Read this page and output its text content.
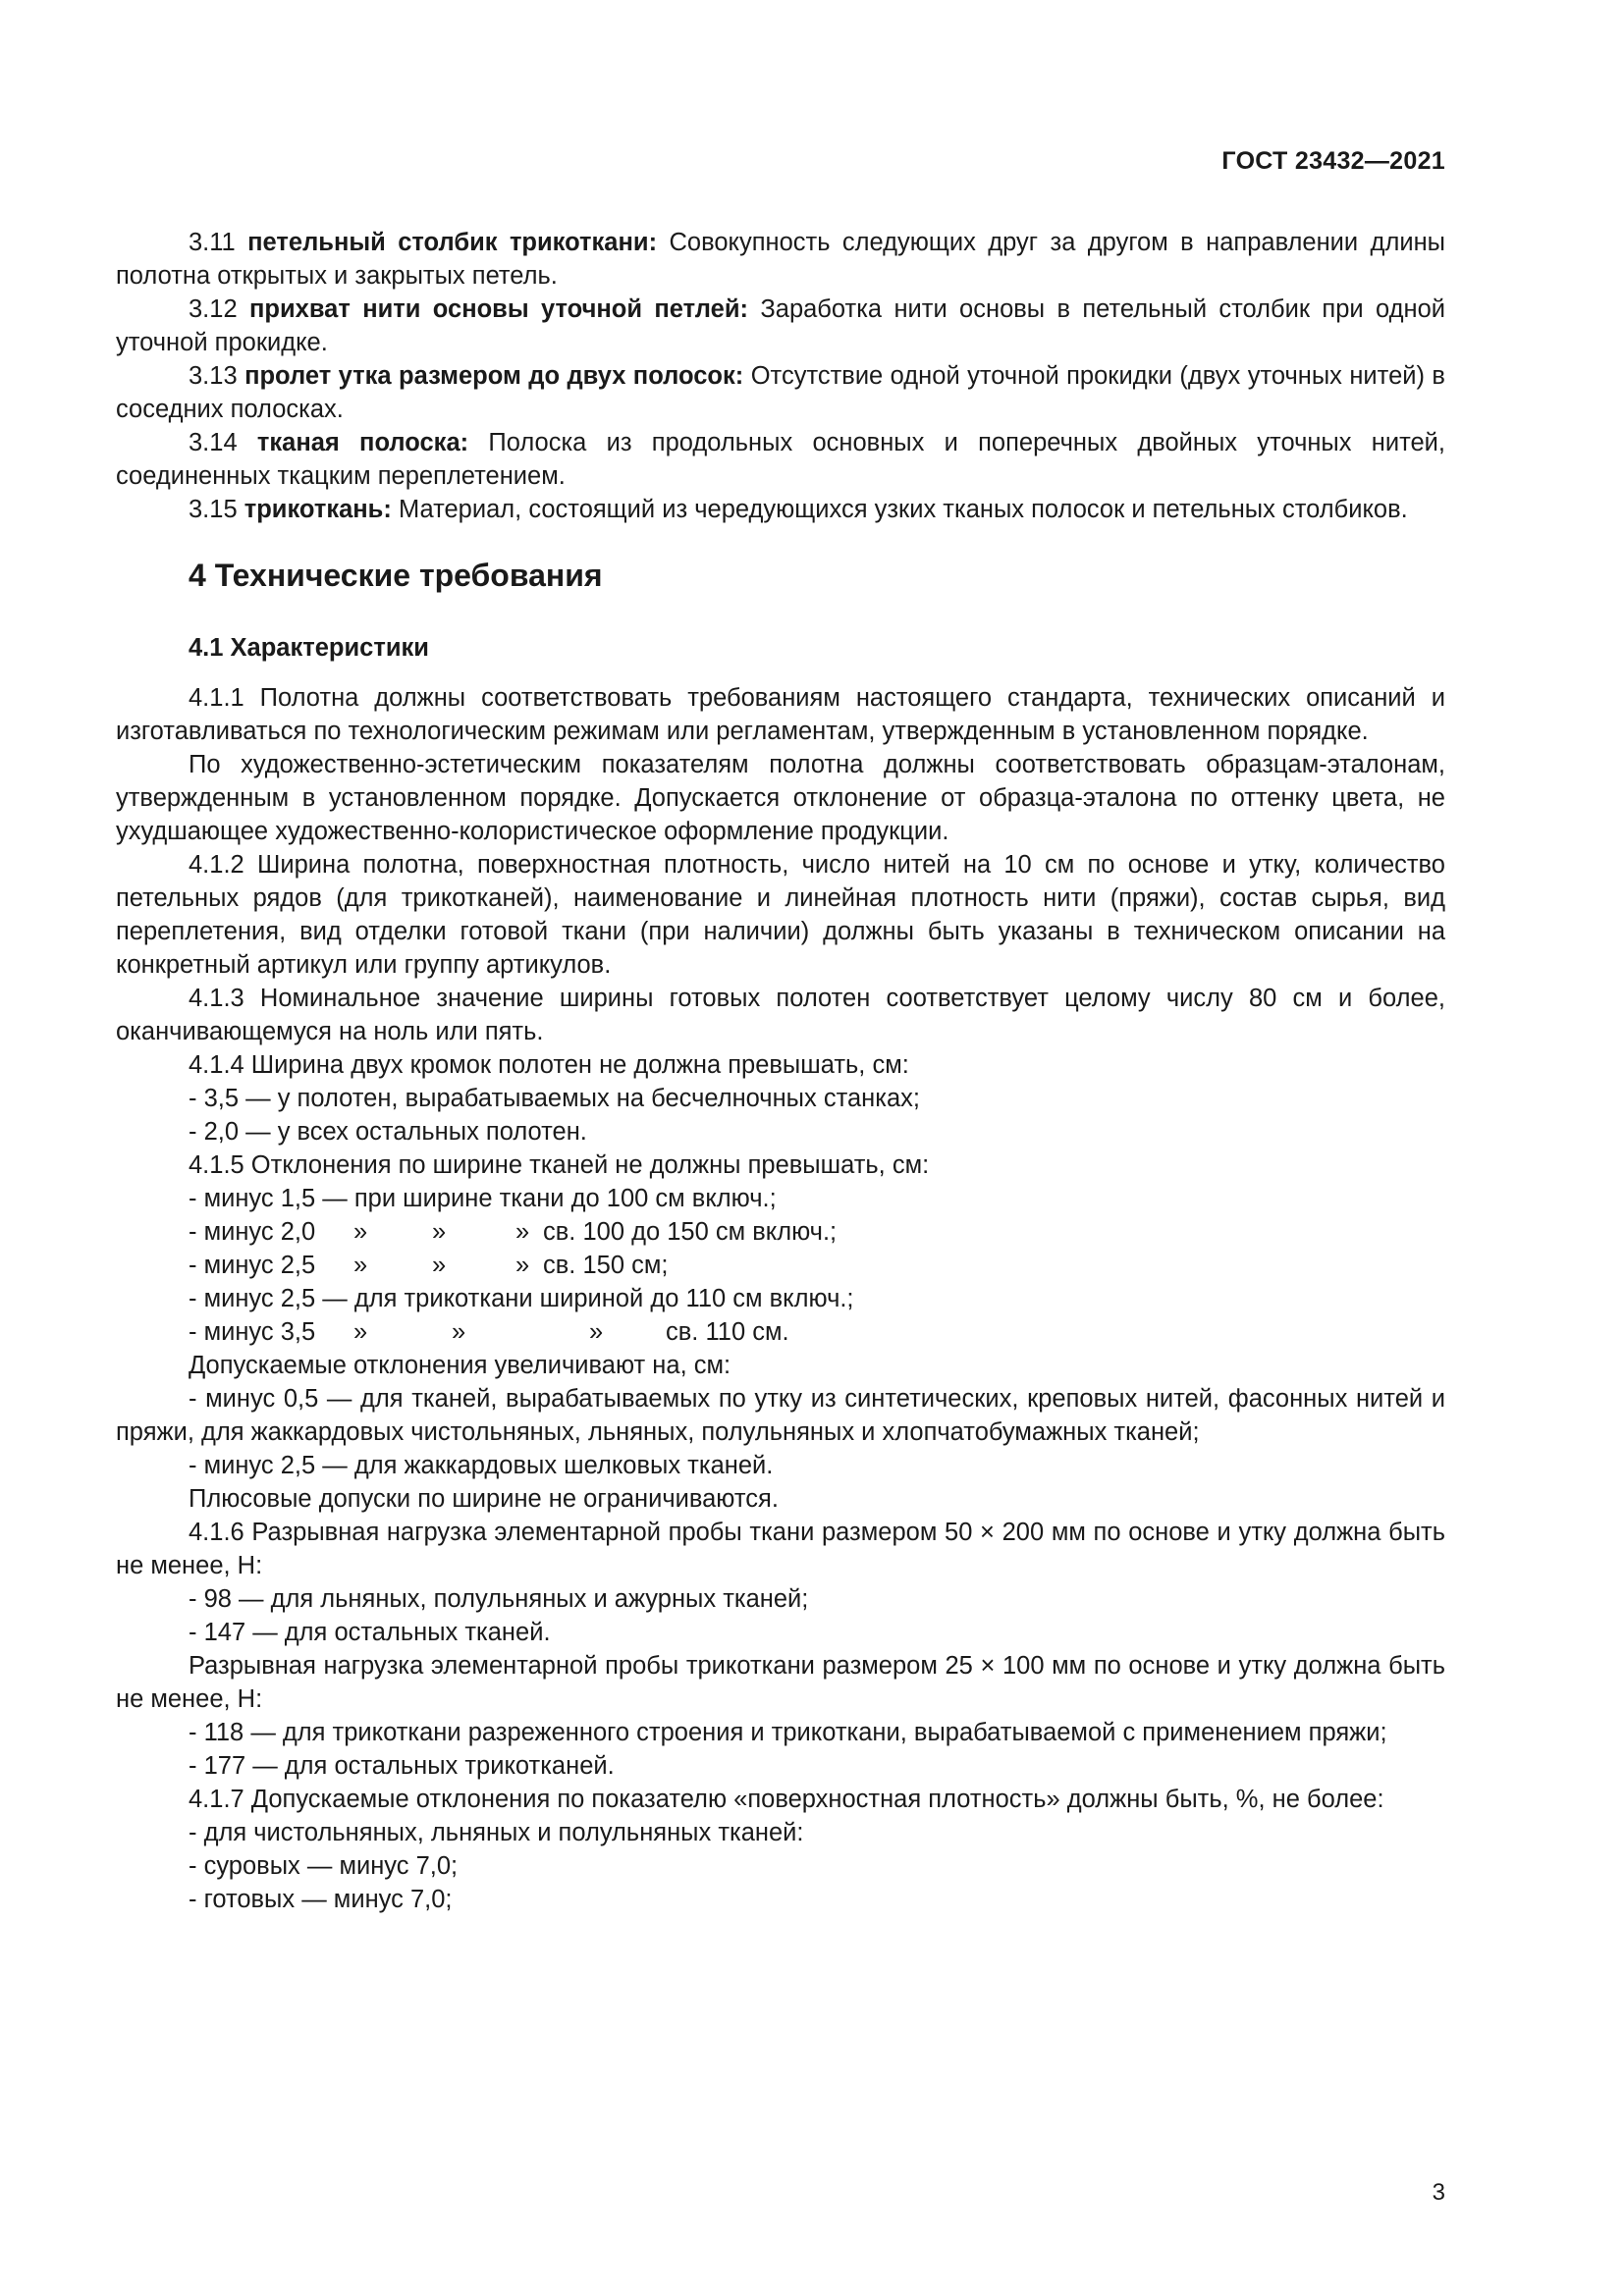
ГОСТ 23432—2021

3.11 петельный столбик трикоткани: Совокупность следующих друг за другом в направлении длины полотна открытых и закрытых петель.

3.12 прихват нити основы уточной петлей: Заработка нити основы в петельный столбик при одной уточной прокидке.

3.13 пролет утка размером до двух полосок: Отсутствие одной уточной прокидки (двух уточных нитей) в соседних полосках.

3.14 тканая полоска: Полоска из продольных основных и поперечных двойных уточных нитей, соединенных ткацким переплетением.

3.15 трикоткань: Материал, состоящий из чередующихся узких тканых полосок и петельных столбиков.

4 Технические требования
4.1 Характеристики

4.1.1 Полотна должны соответствовать требованиям настоящего стандарта, технических описаний и изготавливаться по технологическим режимам или регламентам, утвержденным в установленном порядке.

По художественно-эстетическим показателям полотна должны соответствовать образцам-эталонам, утвержденным в установленном порядке. Допускается отклонение от образца-эталона по оттенку цвета, не ухудшающее художественно-колористическое оформление продукции.

4.1.2 Ширина полотна, поверхностная плотность, число нитей на 10 см по основе и утку, количество петельных рядов (для трикотканей), наименование и линейная плотность нити (пряжи), состав сырья, вид переплетения, вид отделки готовой ткани (при наличии) должны быть указаны в техническом описании на конкретный артикул или группу артикулов.

4.1.3 Номинальное значение ширины готовых полотен соответствует целому числу 80 см и более, оканчивающемуся на ноль или пять.

4.1.4 Ширина двух кромок полотен не должна превышать, см:

- 3,5 — у полотен, вырабатываемых на бесчелночных станках;

- 2,0 — у всех остальных полотен.

4.1.5 Отклонения по ширине тканей не должны превышать, см:

- минус 1,5 — при ширине ткани до 100 см включ.;

- минус 2,0	»	»	» св. 100 до 150 см включ.;
- минус 2,5	»	»	» св. 150 см;

- минус 2,5 — для трикоткани шириной до 110 см включ.;

- минус 3,5	»	»	»	св. 110 см.

Допускаемые отклонения увеличивают на, см:

- минус 0,5 — для тканей, вырабатываемых по утку из синтетических, креповых нитей, фасонных нитей и пряжи, для жаккардовых чистольняных, льняных, полульняных и хлопчатобумажных тканей;

- минус 2,5 — для жаккардовых шелковых тканей.

Плюсовые допуски по ширине не ограничиваются.

4.1.6 Разрывная нагрузка элементарной пробы ткани размером 50 × 200 мм по основе и утку должна быть не менее, Н:

- 98 — для льняных, полульняных и ажурных тканей;

- 147 — для остальных тканей.

Разрывная нагрузка элементарной пробы трикоткани размером 25 × 100 мм по основе и утку должна быть не менее, Н:

- 118 — для трикоткани разреженного строения и трикоткани, вырабатываемой с применением пряжи;

- 177 — для остальных трикотканей.

4.1.7 Допускаемые отклонения по показателю «поверхностная плотность» должны быть, %, не более:

- для чистольняных, льняных и полульняных тканей:

- суровых — минус 7,0;

- готовых — минус 7,0;

3
